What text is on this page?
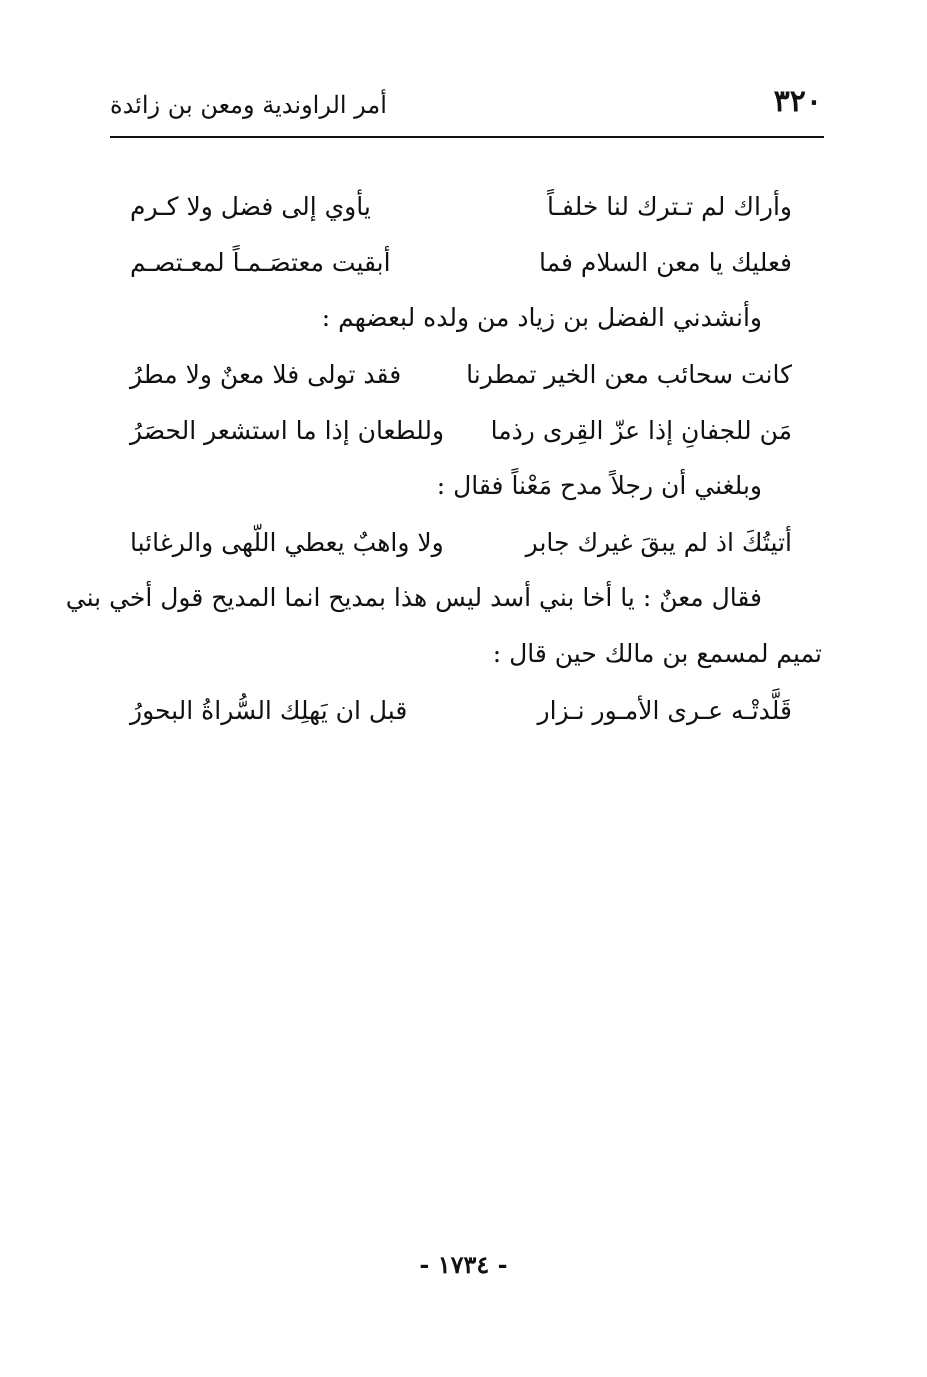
٣٢٠
أمر الراوندية ومعن بن زائدة
وأراك لم تـترك لنا خلفـاً
يأوي إلى فضل ولا كـرم
فعليك يا معن السلام فما
أبقيت معتصَـمـاً لمعـتصـم
وأنشدني الفضل بن زياد من ولده لبعضهم :
كانت سحائب معن الخير تمطرنا
فقد تولى فلا معنٌ ولا مطرُ
مَن للجفانِ إذا عزّ القِرى رذما
وللطعان إذا ما استشعر الحصَرُ
وبلغني أن رجلاً مدح مَعْناً فقال :
أتيتُكَ اذ لم يبقَ غيرك جابر
ولا واهبٌ يعطي اللّهى والرغائبا
فقال معنٌ : يا أخا بني أسد ليس هذا بمديح انما المديح قول أخي بني
تميم لمسمع بن مالك حين قال :
قَلَّدتْـه عـرى الأمـور نـزار
قبل ان يَهلِك السُّراةُ البحورُ
- ١٧٣٤ -
